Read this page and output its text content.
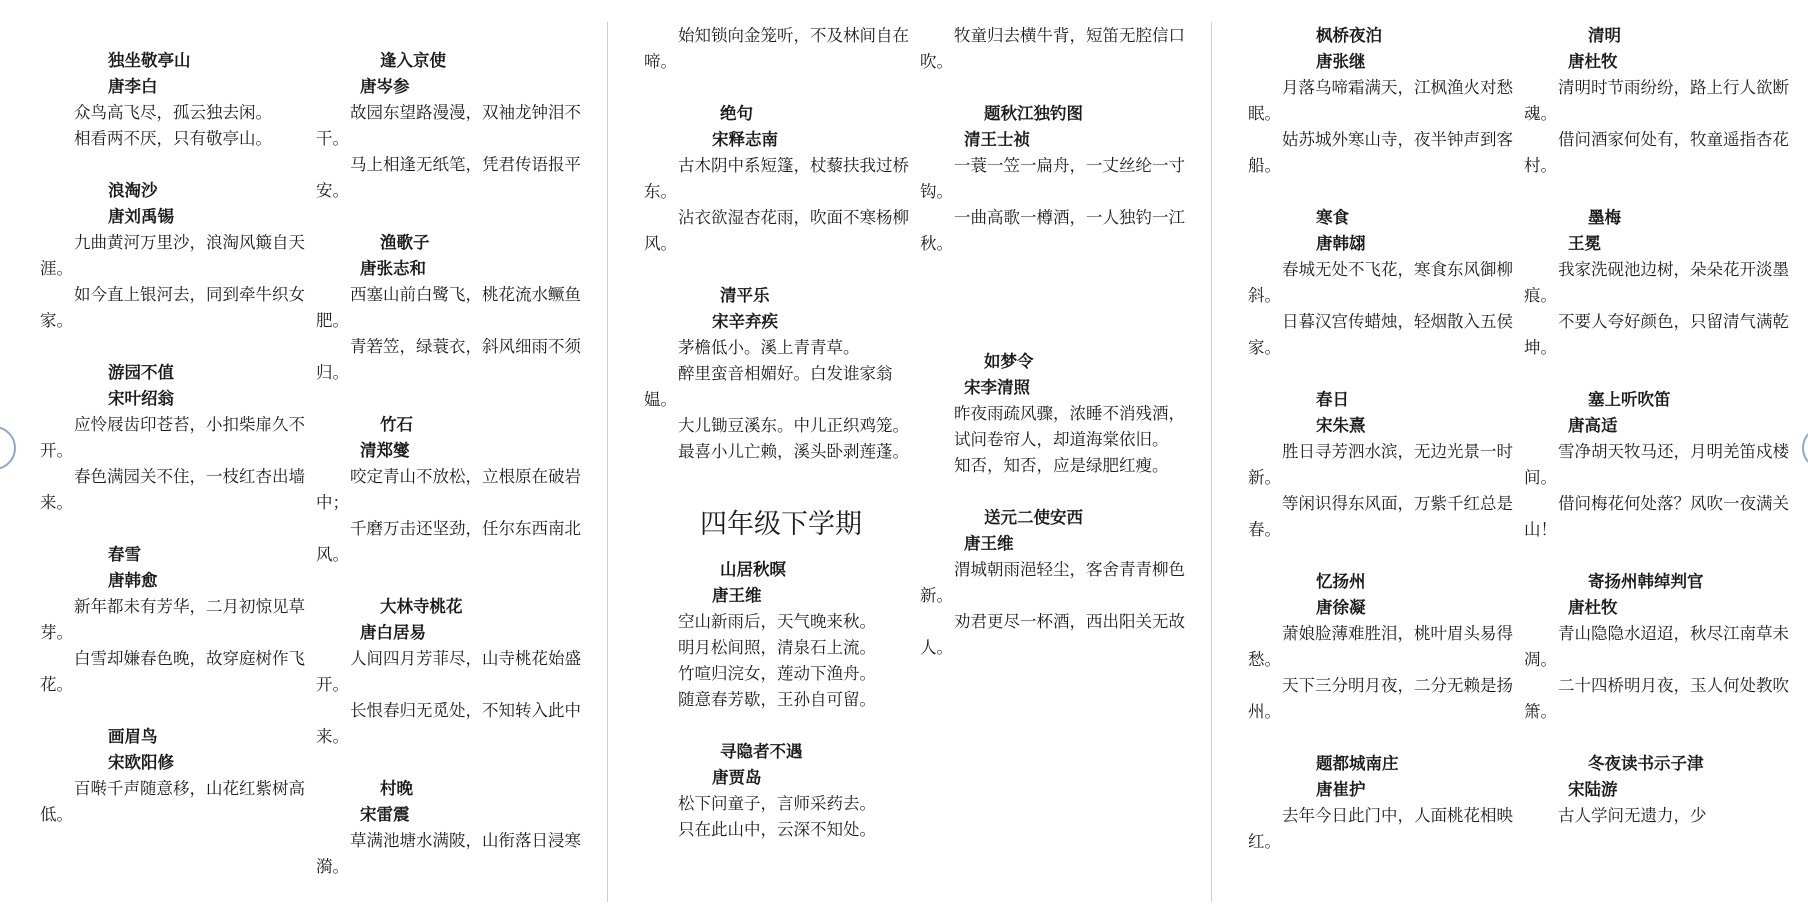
独坐敬亭山
唐李白
众鸟高飞尽，孤云独去闲。
相看两不厌，只有敬亭山。
浪淘沙
唐刘禹锡
九曲黄河万里沙，浪淘风簸自天涯。
如今直上银河去，同到牵牛织女家。
游园不值
宋叶绍翁
应怜屐齿印苍苔，小扣柴扉久不开。
春色满园关不住，一枝红杏出墙来。
春雪
唐韩愈
新年都未有芳华，二月初惊见草芽。
白雪却嫌春色晚，故穿庭树作飞花。
画眉鸟
宋欧阳修
百啭千声随意移，山花红紫树高低。
逢入京使
唐岑参
故园东望路漫漫，双袖龙钟泪不干。
马上相逢无纸笔，凭君传语报平安。
渔歌子
唐张志和
西塞山前白鹭飞，桃花流水鳜鱼肥。
青箬笠，绿蓑衣，斜风细雨不须归。
竹石
清郑燮
咬定青山不放松，立根原在破岩中；
千磨万击还坚劲，任尔东西南北风。
大林寺桃花
唐白居易
人间四月芳菲尽，山寺桃花始盛开。
长恨春归无觅处，不知转入此中来。
村晚
宋雷震
草满池塘水满陂，山衔落日浸寒漪。
始知锁向金笼听，不及林间自在啼。
绝句
宋释志南
古木阴中系短篷，杖藜扶我过桥东。
沾衣欲湿杏花雨，吹面不寒杨柳风。
清平乐
宋辛弃疾
茅檐低小。溪上青青草。
醉里蛮音相媚好。白发谁家翁媪。
大儿锄豆溪东。中儿正织鸡笼。
最喜小儿亡赖，溪头卧剥莲蓬。
四年级下学期
山居秋暝
唐王维
空山新雨后，天气晚来秋。
明月松间照，清泉石上流。
竹喧归浣女，莲动下渔舟。
随意春芳歇，王孙自可留。
寻隐者不遇
唐贾岛
松下问童子，言师采药去。
只在此山中，云深不知处。
牧童归去横牛背，短笛无腔信口吹。
题秋江独钓图
清王士祯
一蓑一笠一扁舟，一丈丝纶一寸钩。
一曲高歌一樽酒，一人独钓一江秋。
如梦令
宋李清照
昨夜雨疏风骤，浓睡不消残酒，
试问卷帘人，却道海棠依旧。
知否，知否，应是绿肥红瘦。
送元二使安西
唐王维
渭城朝雨浥轻尘，客舍青青柳色新。
劝君更尽一杯酒，西出阳关无故人。
枫桥夜泊
唐张继
月落乌啼霜满天，江枫渔火对愁眠。
姑苏城外寒山寺，夜半钟声到客船。
寒食
唐韩翃
春城无处不飞花，寒食东风御柳斜。
日暮汉宫传蜡烛，轻烟散入五侯家。
春日
宋朱熹
胜日寻芳泗水滨，无边光景一时新。
等闲识得东风面，万紫千红总是春。
忆扬州
唐徐凝
萧娘脸薄难胜泪，桃叶眉头易得愁。
天下三分明月夜，二分无赖是扬州。
题都城南庄
唐崔护
去年今日此门中，人面桃花相映红。
清明
唐杜牧
清明时节雨纷纷，路上行人欲断魂。
借问酒家何处有，牧童遥指杏花村。
墨梅
王冕
我家洗砚池边树，朵朵花开淡墨痕。
不要人夸好颜色，只留清气满乾坤。
塞上听吹笛
唐高适
雪净胡天牧马还，月明羌笛戍楼间。
借问梅花何处落？风吹一夜满关山！
寄扬州韩绰判官
唐杜牧
青山隐隐水迢迢，秋尽江南草未凋。
二十四桥明月夜，玉人何处教吹箫。
冬夜读书示子津
宋陆游
古人学问无遗力，少
